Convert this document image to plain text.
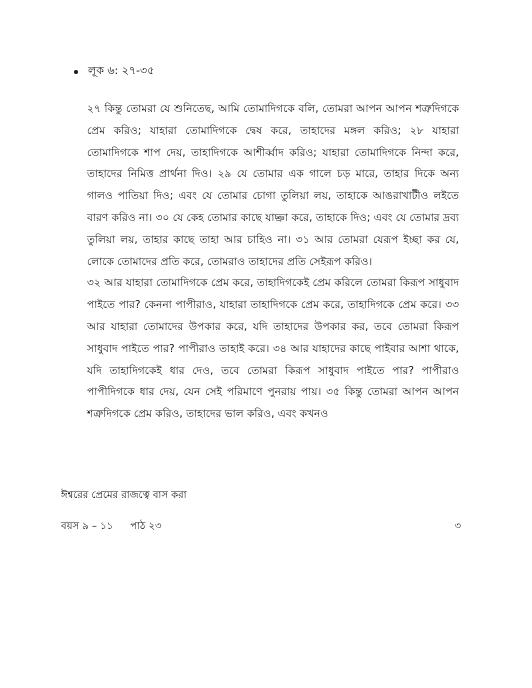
লূক ৬: ২৭-৩৫

২৭ কিন্তু তোমরা যে শুনিতেছ, আমি তোমাদিগকে বলি, তোমরা আপন আপন শত্রুদিগকে প্রেম করিও; যাহারা তোমাদিগকে দ্বেষ করে, তাহাদের মঙ্গল করিও; ২৮ যাহারা তোমাদিগকে শাপ দেয়, তাহাদিগকে আশীর্ব্বাদ করিও; যাহারা তোমাদিগকে নিন্দা করে, তাহাদের নিমিত্ত প্রার্থনা দিও। ২৯ যে তোমার এক গালে চড় মারে, তাহার দিকে অন্য গালও পাতিয়া দিও; এবং যে তোমার চোগা তুলিয়া লয়, তাহাকে আঙরাখাটীও লইতে বারণ করিও না। ৩০ যে কেহ তোমার কাছে যাচ্ঞা করে, তাহাকে দিও; এবং যে তোমার দ্রব্য তুলিয়া লয়, তাহার কাছে তাহা আর চাহিও না। ৩১ আর তোমরা যেরূপ ইচ্ছা কর যে, লোকে তোমাদের প্রতি করে, তোমরাও তাহাদের প্রতি সেইরূপ করিও।

৩২ আর যাহারা তোমাদিগকে প্রেম করে, তাহাদিগকেই প্রেম করিলে তোমরা কিরূপ সাধুবাদ পাইতে পার? কেননা পাপীরাও, যাহারা তাহাদিগকে প্রেম করে, তাহাদিগকে প্রেম করে। ৩৩ আর যাহারা তোমাদের উপকার করে, যদি তাহাদের উপকার কর, তবে তোমরা কিরূপ সাধুবাদ পাইতে পার? পাপীরাও তাহাই করে। ৩৪ আর যাহাদের কাছে পাইবার আশা থাকে, যদি তাহাদিগকেই ধার দেও, তবে তোমরা কিরূপ সাধুবাদ পাইতে পার? পাপীরাও পাপীদিগকে ধার দেয়, যেন সেই পরিমাণে পুনরায় পায়। ৩৫ কিন্তু তোমরা আপন আপন শত্রুদিগকে প্রেম করিও, তাহাদের ভাল করিও, এবং কখনও

ঈশ্বরের প্রেমের রাজত্বে বাস করা
বয়স ৯ – ১১ পাঠ ২৩	৩
